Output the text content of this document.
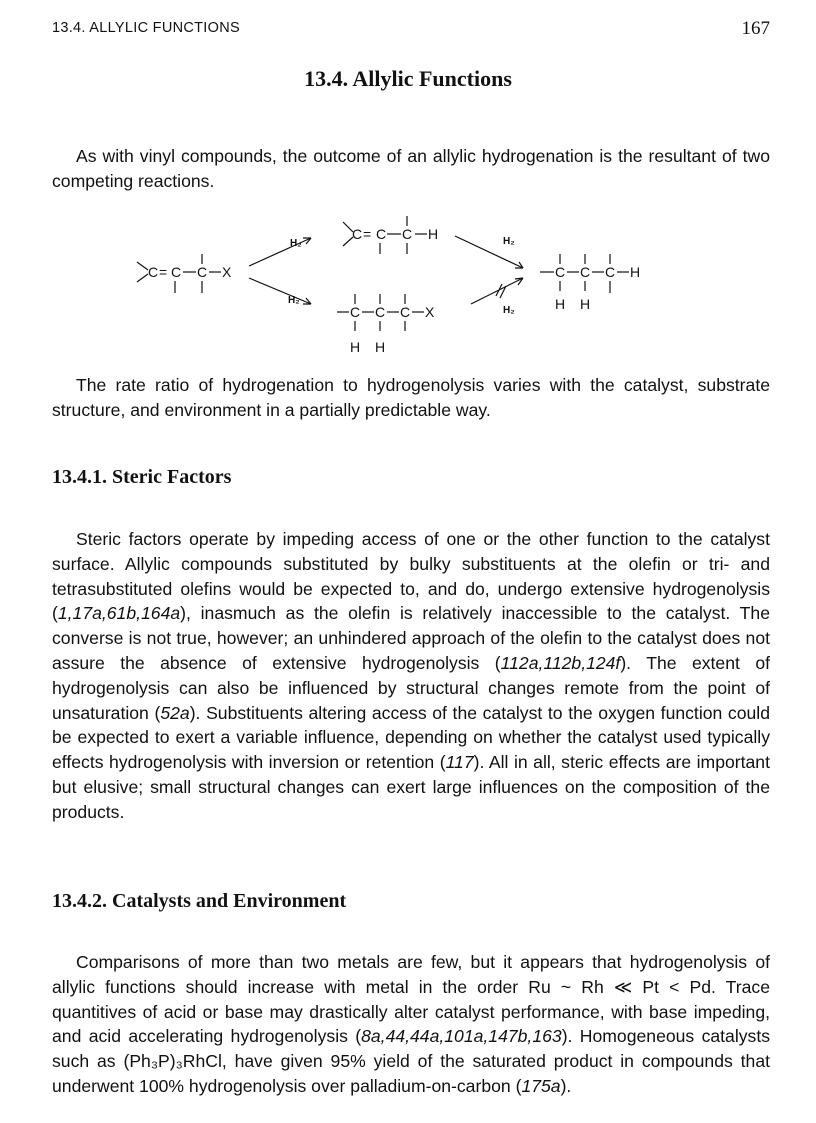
13.4. ALLYLIC FUNCTIONS	167
13.4. Allylic Functions

As with vinyl compounds, the outcome of an allylic hydrogenation is the resultant of two competing reactions.

C = C C X
H₂
H₂
C = C C H
C C C X
H H
H₂
H₂
C C C H
H H

The rate ratio of hydrogenation to hydrogenolysis varies with the catalyst, substrate structure, and environment in a partially predictable way.

13.4.1. Steric Factors

Steric factors operate by impeding access of one or the other function to the catalyst surface. Allylic compounds substituted by bulky substituents at the olefin or tri- and tetrasubstituted olefins would be expected to, and do, undergo extensive hydrogenolysis (1,17a,61b,164a), inasmuch as the olefin is relatively inaccessible to the catalyst. The converse is not true, however; an unhindered approach of the olefin to the catalyst does not assure the absence of extensive hydrogenolysis (112a,112b,124f). The extent of hydrogenolysis can also be influenced by structural changes remote from the point of unsaturation (52a). Substituents altering access of the catalyst to the oxygen function could be expected to exert a variable influence, depending on whether the catalyst used typically effects hydrogenolysis with inversion or retention (117). All in all, steric effects are important but elusive; small structural changes can exert large influences on the composition of the products.

13.4.2. Catalysts and Environment

Comparisons of more than two metals are few, but it appears that hydrogenolysis of allylic functions should increase with metal in the order Ru ~ Rh ≪ Pt < Pd. Trace quantitives of acid or base may drastically alter catalyst performance, with base impeding, and acid accelerating hydrogenolysis (8a,44,44a,101a,147b,163). Homogeneous catalysts such as (Ph₃P)₃RhCl, have given 95% yield of the saturated product in compounds that underwent 100% hydrogenolysis over palladium-on-carbon (175a).
